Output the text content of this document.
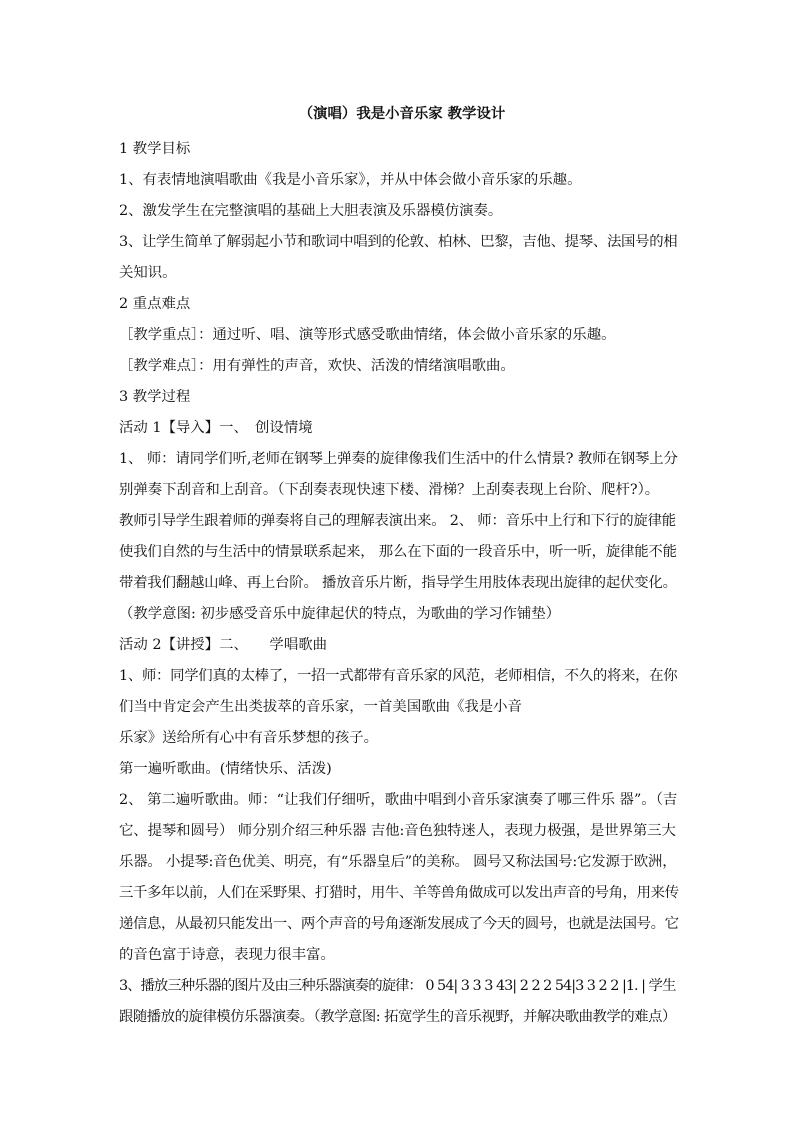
（演唱）我是小音乐家 教学设计
1 教学目标
1、有表情地演唱歌曲《我是小音乐家》，并从中体会做小音乐家的乐趣。
2、激发学生在完整演唱的基础上大胆表演及乐器模仿演奏。
3、让学生简单了解弱起小节和歌词中唱到的伦敦、柏林、巴黎，吉他、提琴、法国号的相
关知识。
2 重点难点
［教学重点］：通过听、唱、演等形式感受歌曲情绪，体会做小音乐家的乐趣。
［教学难点］：用有弹性的声音，欢快、活泼的情绪演唱歌曲。
3 教学过程
活动 1【导入】一、　创设情境
1、 师：请同学们听,老师在钢琴上弹奏的旋律像我们生活中的什么情景? 教师在钢琴上分
别弹奏下刮音和上刮音。（下刮奏表现快速下楼、滑梯？上刮奏表现上台阶、爬杆?）。
教师引导学生跟着师的弹奏将自己的理解表演出来。 2、 师：音乐中上行和下行的旋律能
使我们自然的与生活中的情景联系起来， 那么在下面的一段音乐中，听一听，旋律能不能
带着我们翻越山峰、再上台阶。 播放音乐片断，指导学生用肢体表现出旋律的起伏变化。
（教学意图: 初步感受音乐中旋律起伏的特点，为歌曲的学习作铺垫）
活动 2【讲授】二、　　学唱歌曲
1、师：同学们真的太棒了，一招一式都带有音乐家的风范，老师相信，不久的将来，在你
们当中肯定会产生出类拔萃的音乐家，一首美国歌曲《我是小音
乐家》送给所有心中有音乐梦想的孩子。
第一遍听歌曲。(情绪快乐、活泼)
2、 第二遍听歌曲。师：“让我们仔细听，歌曲中唱到小音乐家演奏了哪三件乐 器”。（吉
它、提琴和圆号） 师分别介绍三种乐器 吉他:音色独特迷人，表现力极强，是世界第三大
乐器。 小提琴:音色优美、明亮，有“乐器皇后”的美称。 圆号又称法国号:它发源于欧洲，
三千多年以前，人们在采野果、打猎时，用牛、羊等兽角做成可以发出声音的号角，用来传
递信息，从最初只能发出一、两个声音的号角逐渐发展成了今天的圆号，也就是法国号。它
的音色富于诗意，表现力很丰富。
3、播放三种乐器的图片及由三种乐器演奏的旋律： 0 54| 3 3 3 43| 2 2 2 54|3 3 2 2 |1. | 学生
跟随播放的旋律模仿乐器演奏。（教学意图: 拓宽学生的音乐视野，并解决歌曲教学的难点）
